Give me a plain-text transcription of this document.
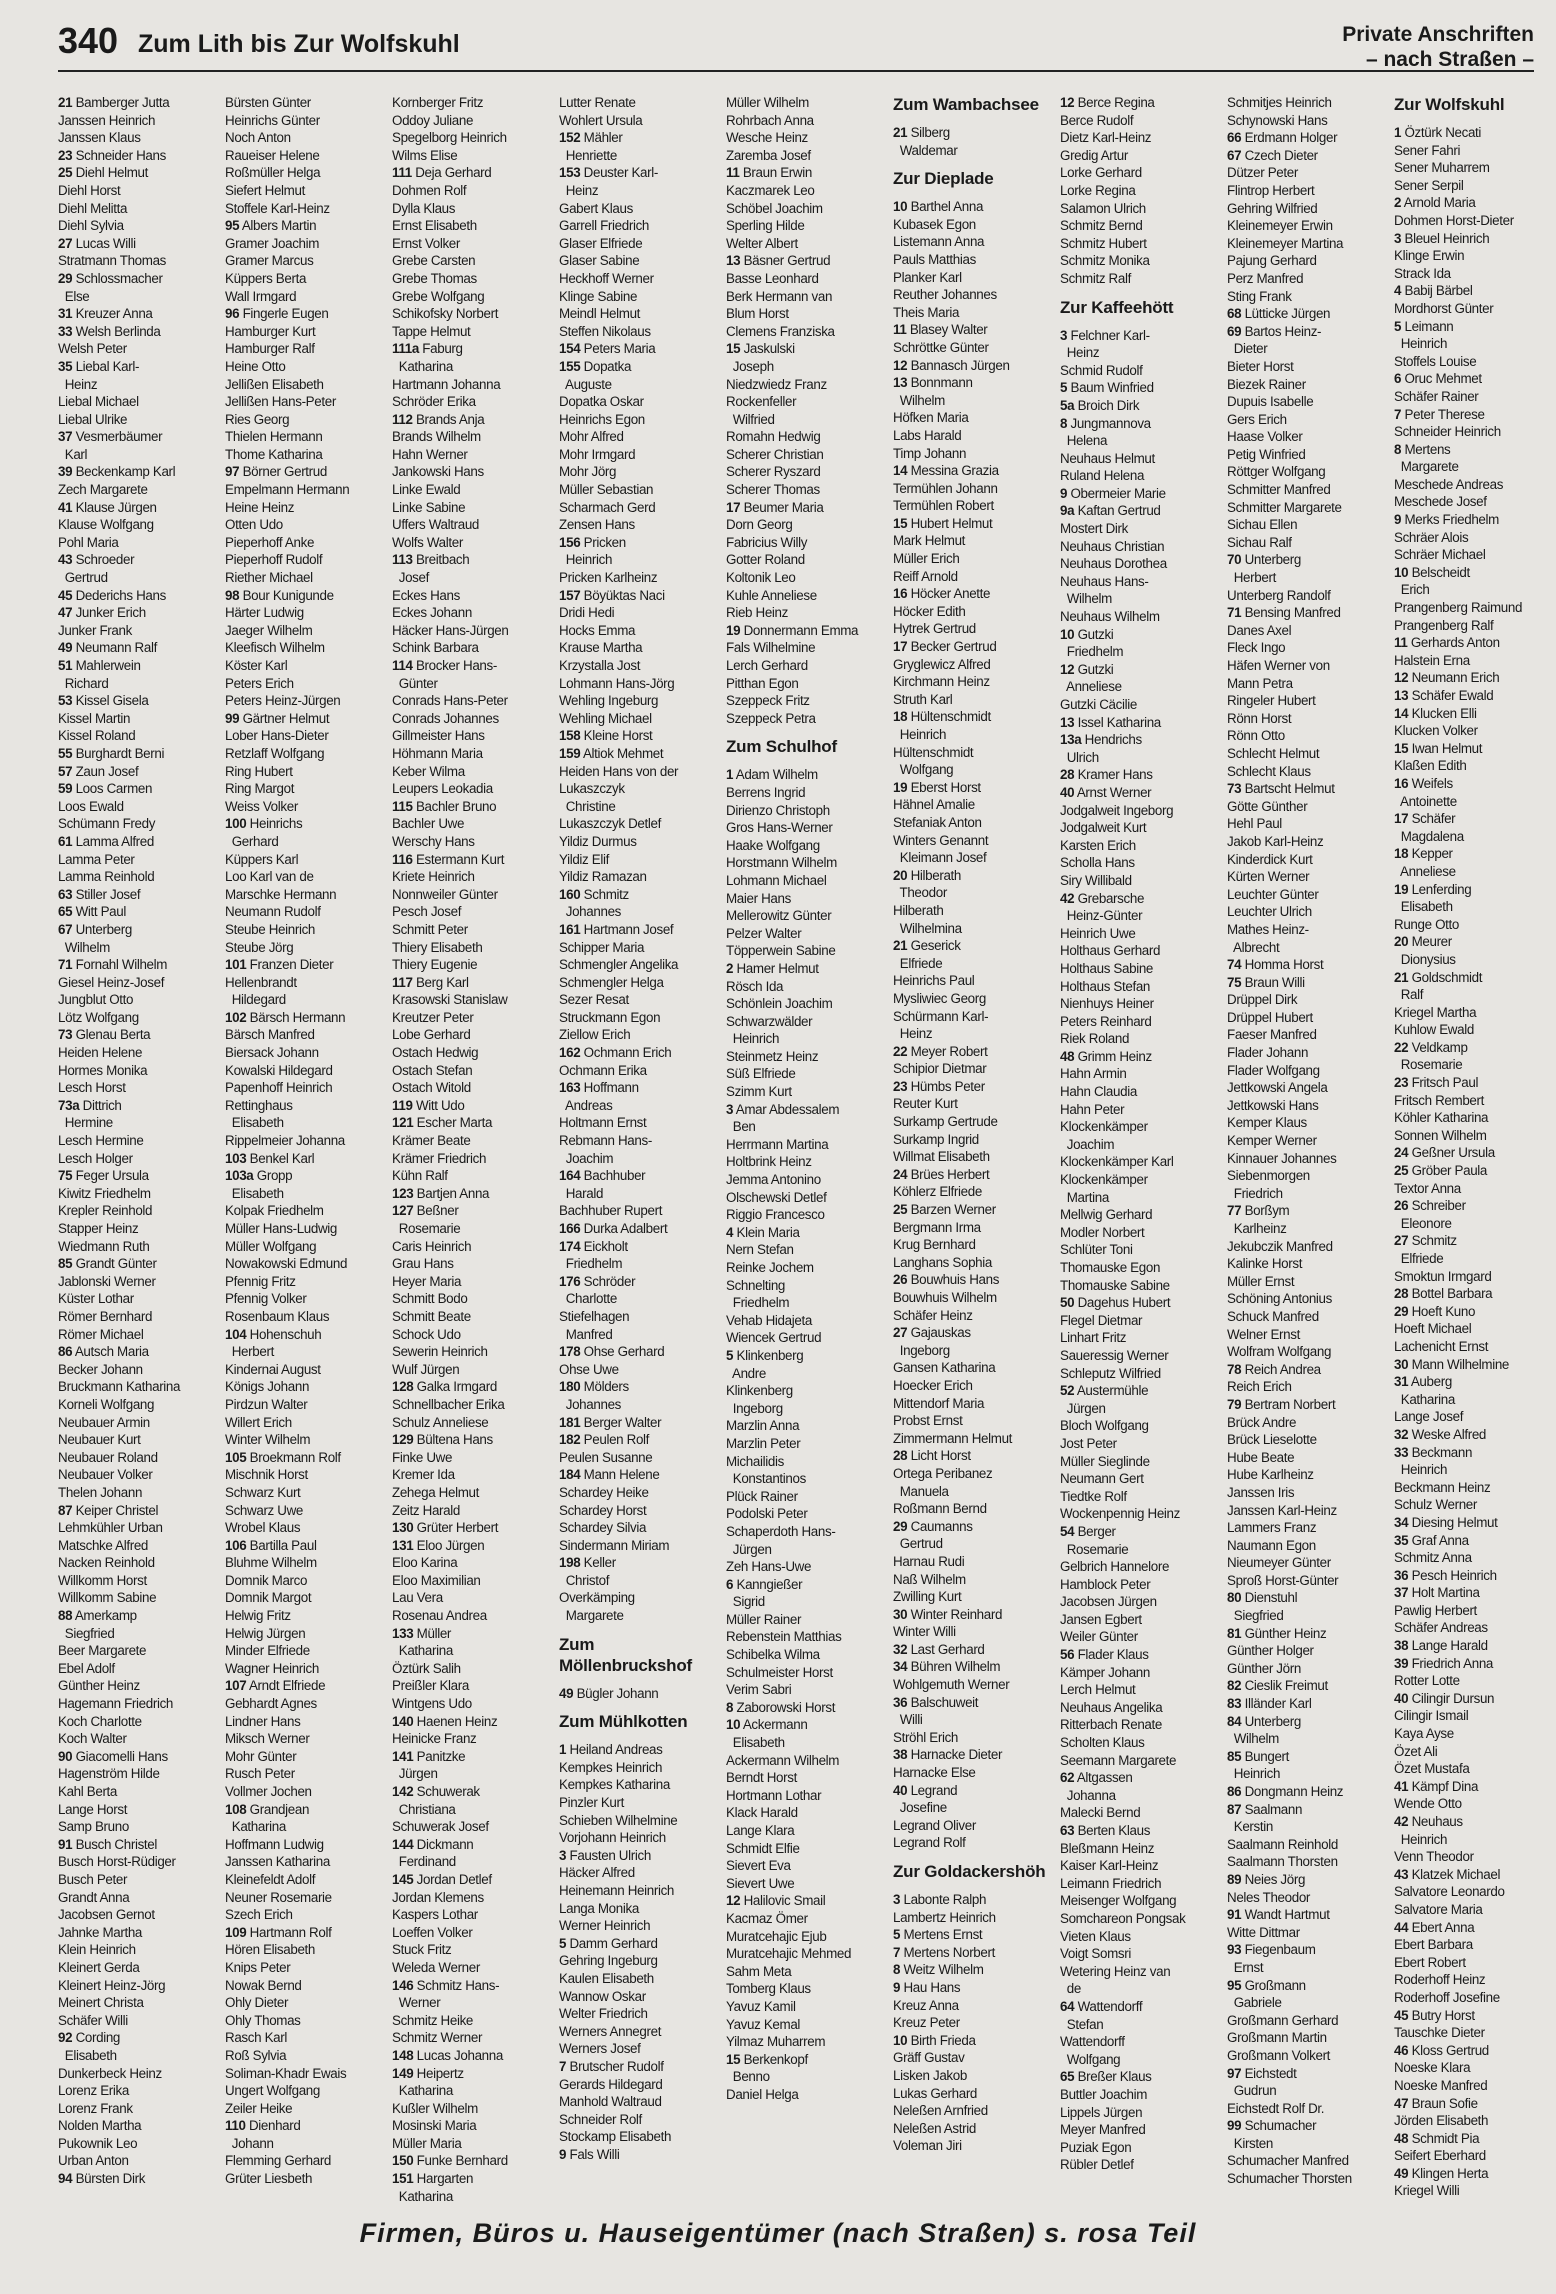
340 Zum Lith bis Zur Wolfskuhl	Private Anschriften
– nach Straßen –
21 Bamberger Jutta
Janssen Heinrich
Janssen Klaus
23 Schneider Hans
25 Diehl Helmut
Diehl Horst
Diehl Melitta
Diehl Sylvia
27 Lucas Willi
Stratmann Thomas
29 Schlossmacher
Else
31 Kreuzer Anna
33 Welsh Berlinda
Welsh Peter
35 Liebal Karl-
Heinz
Liebal Michael
Liebal Ulrike
37 Vesmerbäumer
Karl
39 Beckenkamp Karl
Zech Margarete
41 Klause Jürgen
Klause Wolfgang
Pohl Maria
43 Schroeder
Gertrud
45 Dederichs Hans
47 Junker Erich
Junker Frank
49 Neumann Ralf
51 Mahlerwein
Richard
53 Kissel Gisela
Kissel Martin
Kissel Roland
55 Burghardt Berni
57 Zaun Josef
59 Loos Carmen
Loos Ewald
Schümann Fredy
61 Lamma Alfred
Lamma Peter
Lamma Reinhold
63 Stiller Josef
65 Witt Paul
67 Unterberg
Wilhelm
71 Fornahl Wilhelm
Giesel Heinz-Josef
Jungblut Otto
Lötz Wolfgang
73 Glenau Berta
Heiden Helene
Hormes Monika
Lesch Horst
73a Dittrich
Hermine
Lesch Hermine
Lesch Holger
75 Feger Ursula
Kiwitz Friedhelm
Krepler Reinhold
Stapper Heinz
Wiedmann Ruth
85 Grandt Günter
Jablonski Werner
Küster Lothar
Römer Bernhard
Römer Michael
86 Autsch Maria
Becker Johann
Bruckmann Katharina
Korneli Wolfgang
Neubauer Armin
Neubauer Kurt
Neubauer Roland
Neubauer Volker
Thelen Johann
87 Keiper Christel
Lehmkühler Urban
Matschke Alfred
Nacken Reinhold
Willkomm Horst
Willkomm Sabine
88 Amerkamp
Siegfried
Beer Margarete
Ebel Adolf
Günther Heinz
Hagemann Friedrich
Koch Charlotte
Koch Walter
90 Giacomelli Hans
Hagenström Hilde
Kahl Berta
Lange Horst
Samp Bruno
91 Busch Christel
Busch Horst-Rüdiger
Busch Peter
Grandt Anna
Jacobsen Gernot
Jahnke Martha
Klein Heinrich
Kleinert Gerda
Kleinert Heinz-Jörg
Meinert Christa
Schäfer Willi
92 Cording
Elisabeth
Dunkerbeck Heinz
Lorenz Erika
Lorenz Frank
Nolden Martha
Pukownik Leo
Urban Anton
94 Bürsten Dirk
Bürsten Günter
Heinrichs Günter
Noch Anton
Raueiser Helene
Roßmüller Helga
Siefert Helmut
Stoffele Karl-Heinz
95 Albers Martin
Gramer Joachim
Gramer Marcus
Küppers Berta
Wall Irmgard
96 Fingerle Eugen
Hamburger Kurt
Hamburger Ralf
Heine Otto
Jellißen Elisabeth
Jellißen Hans-Peter
Ries Georg
Thielen Hermann
Thome Katharina
97 Börner Gertrud
Empelmann Hermann
Heine Heinz
Otten Udo
Pieperhoff Anke
Pieperhoff Rudolf
Riether Michael
98 Bour Kunigunde
Härter Ludwig
Jaeger Wilhelm
Kleefisch Wilhelm
Köster Karl
Peters Erich
Peters Heinz-Jürgen
99 Gärtner Helmut
Lober Hans-Dieter
Retzlaff Wolfgang
Ring Hubert
Ring Margot
Weiss Volker
100 Heinrichs
Gerhard
Küppers Karl
Loo Karl van de
Marschke Hermann
Neumann Rudolf
Steube Heinrich
Steube Jörg
101 Franzen Dieter
Hellenbrandt
Hildegard
102 Bärsch Hermann
Bärsch Manfred
Biersack Johann
Kowalski Hildegard
Papenhoff Heinrich
Rettinghaus
Elisabeth
Rippelmeier Johanna
103 Benkel Karl
103a Gropp
Elisabeth
Kolpak Friedhelm
Müller Hans-Ludwig
Müller Wolfgang
Nowakowski Edmund
Pfennig Fritz
Pfennig Volker
Rosenbaum Klaus
104 Hohenschuh
Herbert
Kindernai August
Königs Johann
Pirdzun Walter
Willert Erich
Winter Wilhelm
105 Broekmann Rolf
Mischnik Horst
Schwarz Kurt
Schwarz Uwe
Wrobel Klaus
106 Bartilla Paul
Bluhme Wilhelm
Domnik Marco
Domnik Margot
Helwig Fritz
Helwig Jürgen
Minder Elfriede
Wagner Heinrich
107 Arndt Elfriede
Gebhardt Agnes
Lindner Hans
Miksch Werner
Mohr Günter
Rusch Peter
Vollmer Jochen
108 Grandjean
Katharina
Hoffmann Ludwig
Janssen Katharina
Kleinefeldt Adolf
Neuner Rosemarie
Szech Erich
109 Hartmann Rolf
Hören Elisabeth
Knips Peter
Nowak Bernd
Ohly Dieter
Ohly Thomas
Rasch Karl
Roß Sylvia
Soliman-Khadr Ewais
Ungert Wolfgang
Zeiler Heike
110 Dienhard
Johann
Flemming Gerhard
Grüter Liesbeth
Kornberger Fritz
Oddoy Juliane
Spegelborg Heinrich
Wilms Elise
111 Deja Gerhard
Dohmen Rolf
Dylla Klaus
Ernst Elisabeth
Ernst Volker
Grebe Carsten
Grebe Thomas
Grebe Wolfgang
Schikofsky Norbert
Tappe Helmut
111a Faburg
Katharina
Hartmann Johanna
Schröder Erika
112 Brands Anja
Brands Wilhelm
Hahn Werner
Jankowski Hans
Linke Ewald
Linke Sabine
Uffers Waltraud
Wolfs Walter
113 Breitbach
Josef
Eckes Hans
Eckes Johann
Häcker Hans-Jürgen
Schink Barbara
114 Brocker Hans-
Günter
Conrads Hans-Peter
Conrads Johannes
Gillmeister Hans
Höhmann Maria
Keber Wilma
Leupers Leokadia
115 Bachler Bruno
Bachler Uwe
Werschy Hans
116 Estermann Kurt
Kriete Heinrich
Nonnweiler Günter
Pesch Josef
Schmitt Peter
Thiery Elisabeth
Thiery Eugenie
117 Berg Karl
Krasowski Stanislaw
Kreutzer Peter
Lobe Gerhard
Ostach Hedwig
Ostach Stefan
Ostach Witold
119 Witt Udo
121 Escher Marta
Krämer Beate
Krämer Friedrich
Kühn Ralf
123 Bartjen Anna
127 Beßner
Rosemarie
Caris Heinrich
Grau Hans
Heyer Maria
Schmitt Bodo
Schmitt Beate
Schock Udo
Sewerin Heinrich
Wulf Jürgen
128 Galka Irmgard
Schnellbacher Erika
Schulz Anneliese
129 Bültena Hans
Finke Uwe
Kremer Ida
Zehega Helmut
Zeitz Harald
130 Grüter Herbert
131 Eloo Jürgen
Eloo Karina
Eloo Maximilian
Lau Vera
Rosenau Andrea
133 Müller
Katharina
Öztürk Salih
Preißler Klara
Wintgens Udo
140 Haenen Heinz
Heinicke Franz
141 Panitzke
Jürgen
142 Schuwerak
Christiana
Schuwerak Josef
144 Dickmann
Ferdinand
145 Jordan Detlef
Jordan Klemens
Kaspers Lothar
Loeffen Volker
Stuck Fritz
Weleda Werner
146 Schmitz Hans-
Werner
Schmitz Heike
Schmitz Werner
148 Lucas Johanna
149 Heipertz
Katharina
Kußler Wilhelm
Mosinski Maria
Müller Maria
150 Funke Bernhard
151 Hargarten
Katharina
Lutter Renate
Wohlert Ursula
152 Mähler
Henriette
153 Deuster Karl-
Heinz
Gabert Klaus
Garrell Friedrich
Glaser Elfriede
Glaser Sabine
Heckhoff Werner
Klinge Sabine
Meindl Helmut
Steffen Nikolaus
154 Peters Maria
155 Dopatka
Auguste
Dopatka Oskar
Heinrichs Egon
Mohr Alfred
Mohr Irmgard
Mohr Jörg
Müller Sebastian
Scharmach Gerd
Zensen Hans
156 Pricken
Heinrich
Pricken Karlheinz
157 Böyüktas Naci
Dridi Hedi
Hocks Emma
Krause Martha
Krzystalla Jost
Lohmann Hans-Jörg
Wehling Ingeburg
Wehling Michael
158 Kleine Horst
159 Altiok Mehmet
Heiden Hans von der
Lukaszczyk
Christine
Lukaszczyk Detlef
Yildiz Durmus
Yildiz Elif
Yildiz Ramazan
160 Schmitz
Johannes
161 Hartmann Josef
Schipper Maria
Schmengler Angelika
Schmengler Helga
Sezer Resat
Struckmann Egon
Ziellow Erich
162 Ochmann Erich
Ochmann Erika
163 Hoffmann
Andreas
Holtmann Ernst
Rebmann Hans-
Joachim
164 Bachhuber
Harald
Bachhuber Rupert
166 Durka Adalbert
174 Eickholt
Friedhelm
176 Schröder
Charlotte
Stiefelhagen
Manfred
178 Ohse Gerhard
Ohse Uwe
180 Mölders
Johannes
181 Berger Walter
182 Peulen Rolf
Peulen Susanne
184 Mann Helene
Schardey Heike
Schardey Horst
Schardey Silvia
Sindermann Miriam
198 Keller
Christof
Overkämping
Margarete
Zum Möllenbruckshof
49 Bügler Johann
Zum Mühlkotten
1 Heiland Andreas
Kempkes Heinrich
Kempkes Katharina
Pinzler Kurt
Schieben Wilhelmine
Vorjohann Heinrich
3 Fausten Ulrich
Häcker Alfred
Heinemann Heinrich
Langa Monika
Werner Heinrich
5 Damm Gerhard
Gehring Ingeburg
Kaulen Elisabeth
Wannow Oskar
Welter Friedrich
Werners Annegret
Werners Josef
7 Brutscher Rudolf
Gerards Hildegard
Manhold Waltraud
Schneider Rolf
Stockamp Elisabeth
9 Fals Willi
Müller Wilhelm
Rohrbach Anna
Wesche Heinz
Zaremba Josef
11 Braun Erwin
Kaczmarek Leo
Schöbel Joachim
Sperling Hilde
Welter Albert
13 Bäsner Gertrud
Basse Leonhard
Berk Hermann van
Blum Horst
Clemens Franziska
15 Jaskulski
Joseph
Niedzwiedz Franz
Rockenfeller
Wilfried
Romahn Hedwig
Scherer Christian
Scherer Ryszard
Scherer Thomas
17 Beumer Maria
Dorn Georg
Fabricius Willy
Gotter Roland
Koltonik Leo
Kuhle Anneliese
Rieb Heinz
19 Donnermann Emma
Fals Wilhelmine
Lerch Gerhard
Pitthan Egon
Szeppeck Fritz
Szeppeck Petra
Zum Schulhof
1 Adam Wilhelm
Berrens Ingrid
Dirienzo Christoph
Gros Hans-Werner
Haake Wolfgang
Horstmann Wilhelm
Lohmann Michael
Maier Hans
Mellerowitz Günter
Pelzer Walter
Töpperwein Sabine
2 Hamer Helmut
Rösch Ida
Schönlein Joachim
Schwarzwälder
Heinrich
Steinmetz Heinz
Süß Elfriede
Szimm Kurt
3 Amar Abdessalem
Ben
Herrmann Martina
Holtbrink Heinz
Jemma Antonino
Olschewski Detlef
Riggio Francesco
4 Klein Maria
Nern Stefan
Reinke Jochem
Schnelting
Friedhelm
Vehab Hidajeta
Wiencek Gertrud
5 Klinkenberg
Andre
Klinkenberg
Ingeborg
Marzlin Anna
Marzlin Peter
Michailidis
Konstantinos
Plück Rainer
Podolski Peter
Schaperdoth Hans-
Jürgen
Zeh Hans-Uwe
6 Kanngießer
Sigrid
Müller Rainer
Rebenstein Matthias
Schibelka Wilma
Schulmeister Horst
Verim Sabri
8 Zaborowski Horst
10 Ackermann
Elisabeth
Ackermann Wilhelm
Berndt Horst
Hortmann Lothar
Klack Harald
Lange Klara
Schmidt Elfie
Sievert Eva
Sievert Uwe
12 Halilovic Smail
Kacmaz Ömer
Muratcehajic Ejub
Muratcehajic Mehmed
Sahm Meta
Tomberg Klaus
Yavuz Kamil
Yavuz Kemal
Yilmaz Muharrem
15 Berkenkopf
Benno
Daniel Helga
Zum Wambachsee
21 Silberg
Waldemar
Zur Dieplade
10 Barthel Anna
Kubasek Egon
Listemann Anna
Pauls Matthias
Planker Karl
Reuther Johannes
Theis Maria
11 Blasey Walter
Schröttke Günter
12 Bannasch Jürgen
13 Bonnmann
Wilhelm
Höfken Maria
Labs Harald
Timp Johann
14 Messina Grazia
Termühlen Johann
Termühlen Robert
15 Hubert Helmut
Mark Helmut
Müller Erich
Reiff Arnold
16 Höcker Anette
Höcker Edith
Hytrek Gertrud
17 Becker Gertrud
Gryglewicz Alfred
Kirchmann Heinz
Struth Karl
18 Hültenschmidt
Heinrich
Hültenschmidt
Wolfgang
19 Eberst Horst
Hähnel Amalie
Stefaniak Anton
Winters Genannt
Kleimann Josef
20 Hilberath
Theodor
Hilberath
Wilhelmina
21 Geserick
Elfriede
Heinrichs Paul
Mysliwiec Georg
Schürmann Karl-
Heinz
22 Meyer Robert
Schipior Dietmar
23 Hümbs Peter
Reuter Kurt
Surkamp Gertrude
Surkamp Ingrid
Willmat Elisabeth
24 Brües Herbert
Köhlerz Elfriede
25 Barzen Werner
Bergmann Irma
Krug Bernhard
Langhans Sophia
26 Bouwhuis Hans
Bouwhuis Wilhelm
Schäfer Heinz
27 Gajauskas
Ingeborg
Gansen Katharina
Hoecker Erich
Mittendorf Maria
Probst Ernst
Zimmermann Helmut
28 Licht Horst
Ortega Peribanez
Manuela
Roßmann Bernd
29 Caumanns
Gertrud
Harnau Rudi
Naß Wilhelm
Zwilling Kurt
30 Winter Reinhard
Winter Willi
32 Last Gerhard
34 Bühren Wilhelm
Wohlgemuth Werner
36 Balschuweit
Willi
Ströhl Erich
38 Harnacke Dieter
Harnacke Else
40 Legrand
Josefine
Legrand Oliver
Legrand Rolf
Zur Goldackershöh
3 Labonte Ralph
Lambertz Heinrich
5 Mertens Ernst
7 Mertens Norbert
8 Weitz Wilhelm
9 Hau Hans
Kreuz Anna
Kreuz Peter
10 Birth Frieda
Gräff Gustav
Lisken Jakob
Lukas Gerhard
Neleßen Arnfried
Neleßen Astrid
Voleman Jiri
12 Berce Regina
Berce Rudolf
Dietz Karl-Heinz
Gredig Artur
Lorke Gerhard
Lorke Regina
Salamon Ulrich
Schmitz Bernd
Schmitz Hubert
Schmitz Monika
Schmitz Ralf
Zur Kaffeehött
3 Felchner Karl-
Heinz
Schmid Rudolf
5 Baum Winfried
5a Broich Dirk
8 Jungmannova
Helena
Neuhaus Helmut
Ruland Helena
9 Obermeier Marie
9a Kaftan Gertrud
Mostert Dirk
Neuhaus Christian
Neuhaus Dorothea
Neuhaus Hans-
Wilhelm
Neuhaus Wilhelm
10 Gutzki
Friedhelm
12 Gutzki
Anneliese
Gutzki Cäcilie
13 Issel Katharina
13a Hendrichs
Ulrich
28 Kramer Hans
40 Arnst Werner
Jodgalweit Ingeborg
Jodgalweit Kurt
Karsten Erich
Scholla Hans
Siry Willibald
42 Grebarsche
Heinz-Günter
Heinrich Uwe
Holthaus Gerhard
Holthaus Sabine
Holthaus Stefan
Nienhuys Heiner
Peters Reinhard
Riek Roland
48 Grimm Heinz
Hahn Armin
Hahn Claudia
Hahn Peter
Klockenkämper
Joachim
Klockenkämper Karl
Klockenkämper
Martina
Mellwig Gerhard
Modler Norbert
Schlüter Toni
Thomauske Egon
Thomauske Sabine
50 Dagehus Hubert
Flegel Dietmar
Linhart Fritz
Saueressig Werner
Schleputz Wilfried
52 Austermühle
Jürgen
Bloch Wolfgang
Jost Peter
Müller Sieglinde
Neumann Gert
Tiedtke Rolf
Wockenpennig Heinz
54 Berger
Rosemarie
Gelbrich Hannelore
Hamblock Peter
Jacobsen Jürgen
Jansen Egbert
Weiler Günter
56 Flader Klaus
Kämper Johann
Lerch Helmut
Neuhaus Angelika
Ritterbach Renate
Scholten Klaus
Seemann Margarete
62 Altgassen
Johanna
Malecki Bernd
63 Berten Klaus
Bleßmann Heinz
Kaiser Karl-Heinz
Leimann Friedrich
Meisenger Wolfgang
Somchareon Pongsak
Vieten Klaus
Voigt Somsri
Wetering Heinz van
de
64 Wattendorff
Stefan
Wattendorff
Wolfgang
65 Breßer Klaus
Buttler Joachim
Lippels Jürgen
Meyer Manfred
Puziak Egon
Rübler Detlef
Schmitjes Heinrich
Schynowski Hans
66 Erdmann Holger
67 Czech Dieter
Dützer Peter
Flintrop Herbert
Gehring Wilfried
Kleinemeyer Erwin
Kleinemeyer Martina
Pajung Gerhard
Perz Manfred
Sting Frank
68 Lütticke Jürgen
69 Bartos Heinz-
Dieter
Bieter Horst
Biezek Rainer
Dupuis Isabelle
Gers Erich
Haase Volker
Petig Winfried
Röttger Wolfgang
Schmitter Manfred
Schmitter Margarete
Sichau Ellen
Sichau Ralf
70 Unterberg
Herbert
Unterberg Randolf
71 Bensing Manfred
Danes Axel
Fleck Ingo
Häfen Werner von
Mann Petra
Ringeler Hubert
Rönn Horst
Rönn Otto
Schlecht Helmut
Schlecht Klaus
73 Bartscht Helmut
Götte Günther
Hehl Paul
Jakob Karl-Heinz
Kinderdick Kurt
Kürten Werner
Leuchter Günter
Leuchter Ulrich
Mathes Heinz-
Albrecht
74 Homma Horst
75 Braun Willi
Drüppel Dirk
Drüppel Hubert
Faeser Manfred
Flader Johann
Flader Wolfgang
Jettkowski Angela
Jettkowski Hans
Kemper Klaus
Kemper Werner
Kinnauer Johannes
Siebenmorgen
Friedrich
77 Borßym
Karlheinz
Jekubczik Manfred
Kalinke Horst
Müller Ernst
Schöning Antonius
Schuck Manfred
Welner Ernst
Wolfram Wolfgang
78 Reich Andrea
Reich Erich
79 Bertram Norbert
Brück Andre
Brück Lieselotte
Hube Beate
Hube Karlheinz
Janssen Iris
Janssen Karl-Heinz
Lammers Franz
Naumann Egon
Nieumeyer Günter
Sproß Horst-Günter
80 Dienstuhl
Siegfried
81 Günther Heinz
Günther Holger
Günther Jörn
82 Cieslik Freimut
83 Illänder Karl
84 Unterberg
Wilhelm
85 Bungert
Heinrich
86 Dongmann Heinz
87 Saalmann
Kerstin
Saalmann Reinhold
Saalmann Thorsten
89 Neies Jörg
Neles Theodor
91 Wandt Hartmut
Witte Dittmar
93 Fiegenbaum
Ernst
95 Großmann
Gabriele
Großmann Gerhard
Großmann Martin
Großmann Volkert
97 Eichstedt
Gudrun
Eichstedt Rolf Dr.
99 Schumacher
Kirsten
Schumacher Manfred
Schumacher Thorsten
Zur Wolfskuhl
1 Öztürk Necati
Sener Fahri
Sener Muharrem
Sener Serpil
2 Arnold Maria
Dohmen Horst-Dieter
3 Bleuel Heinrich
Klinge Erwin
Strack Ida
4 Babij Bärbel
Mordhorst Günter
5 Leimann
Heinrich
Stoffels Louise
6 Oruc Mehmet
Schäfer Rainer
7 Peter Therese
Schneider Heinrich
8 Mertens
Margarete
Meschede Andreas
Meschede Josef
9 Merks Friedhelm
Schräer Alois
Schräer Michael
10 Belscheidt
Erich
Prangenberg Raimund
Prangenberg Ralf
11 Gerhards Anton
Halstein Erna
12 Neumann Erich
13 Schäfer Ewald
14 Klucken Elli
Klucken Volker
15 Iwan Helmut
Klaßen Edith
16 Weifels
Antoinette
17 Schäfer
Magdalena
18 Kepper
Anneliese
19 Lenferding
Elisabeth
Runge Otto
20 Meurer
Dionysius
21 Goldschmidt
Ralf
Kriegel Martha
Kuhlow Ewald
22 Veldkamp
Rosemarie
23 Fritsch Paul
Fritsch Rembert
Köhler Katharina
Sonnen Wilhelm
24 Geßner Ursula
25 Gröber Paula
Textor Anna
26 Schreiber
Eleonore
27 Schmitz
Elfriede
Smoktun Irmgard
28 Bottel Barbara
29 Hoeft Kuno
Hoeft Michael
Lachenicht Ernst
30 Mann Wilhelmine
31 Auberg
Katharina
Lange Josef
32 Weske Alfred
33 Beckmann
Heinrich
Beckmann Heinz
Schulz Werner
34 Diesing Helmut
35 Graf Anna
Schmitz Anna
36 Pesch Heinrich
37 Holt Martina
Pawlig Herbert
Schäfer Andreas
38 Lange Harald
39 Friedrich Anna
Rotter Lotte
40 Cilingir Dursun
Cilingir Ismail
Kaya Ayse
Özet Ali
Özet Mustafa
41 Kämpf Dina
Wende Otto
42 Neuhaus
Heinrich
Venn Theodor
43 Klatzek Michael
Salvatore Leonardo
Salvatore Maria
44 Ebert Anna
Ebert Barbara
Ebert Robert
Roderhoff Heinz
Roderhoff Josefine
45 Butry Horst
Tauschke Dieter
46 Kloss Gertrud
Noeske Klara
Noeske Manfred
47 Braun Sofie
Jörden Elisabeth
48 Schmidt Pia
Seifert Eberhard
49 Klingen Herta
Kriegel Willi
Firmen, Büros u. Hauseigentümer (nach Straßen) s. rosa Teil
